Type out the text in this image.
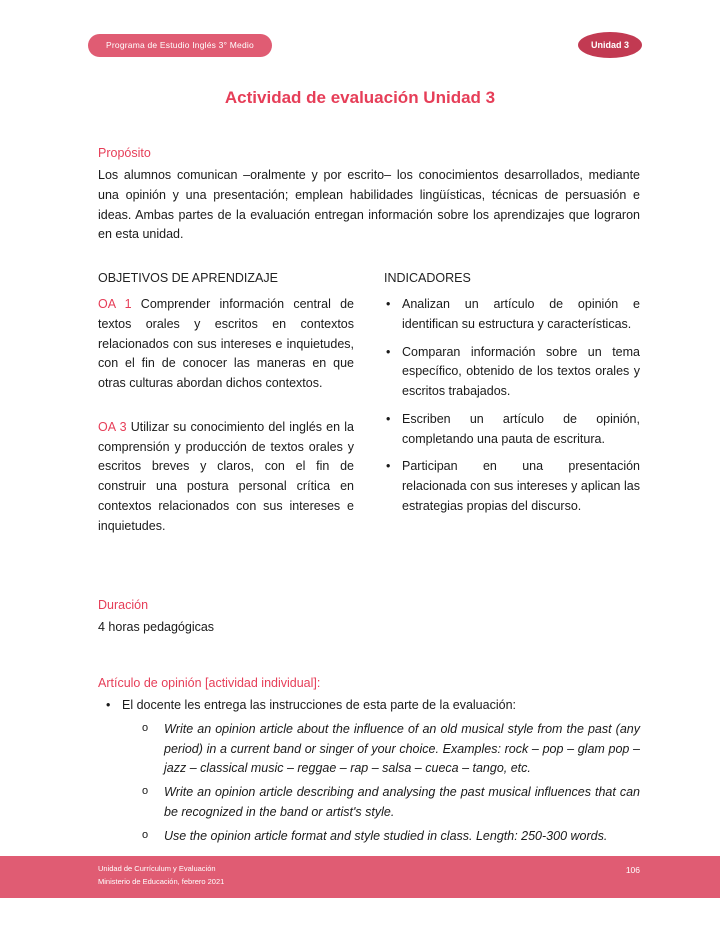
Programa de Estudio Inglés 3° Medio	Unidad 3
Actividad de evaluación Unidad 3
Propósito
Los alumnos comunican –oralmente y por escrito– los conocimientos desarrollados, mediante una opinión y una presentación; emplean habilidades lingüísticas, técnicas de persuasión e ideas. Ambas partes de la evaluación entregan información sobre los aprendizajes que lograron en esta unidad.
OBJETIVOS DE APRENDIZAJE
OA 1 Comprender información central de textos orales y escritos en contextos relacionados con sus intereses e inquietudes, con el fin de conocer las maneras en que otras culturas abordan dichos contextos.
OA 3 Utilizar su conocimiento del inglés en la comprensión y producción de textos orales y escritos breves y claros, con el fin de construir una postura personal crítica en contextos relacionados con sus intereses e inquietudes.
INDICADORES
• Analizan un artículo de opinión e identifican su estructura y características.
• Comparan información sobre un tema específico, obtenido de los textos orales y escritos trabajados.
• Escriben un artículo de opinión, completando una pauta de escritura.
• Participan en una presentación relacionada con sus intereses y aplican las estrategias propias del discurso.
Duración
4 horas pedagógicas
Artículo de opinión [actividad individual]:
• El docente les entrega las instrucciones de esta parte de la evaluación:
o Write an opinion article about the influence of an old musical style from the past (any period) in a current band or singer of your choice. Examples: rock – pop – glam pop – jazz – classical music – reggae – rap – salsa – cueca – tango, etc.
o Write an opinion article describing and analysing the past musical influences that can be recognized in the band or artist's style.
o Use the opinion article format and style studied in class. Length: 250-300 words.
Unidad de Currículum y Evaluación
Ministerio de Educación, febrero 2021
106
